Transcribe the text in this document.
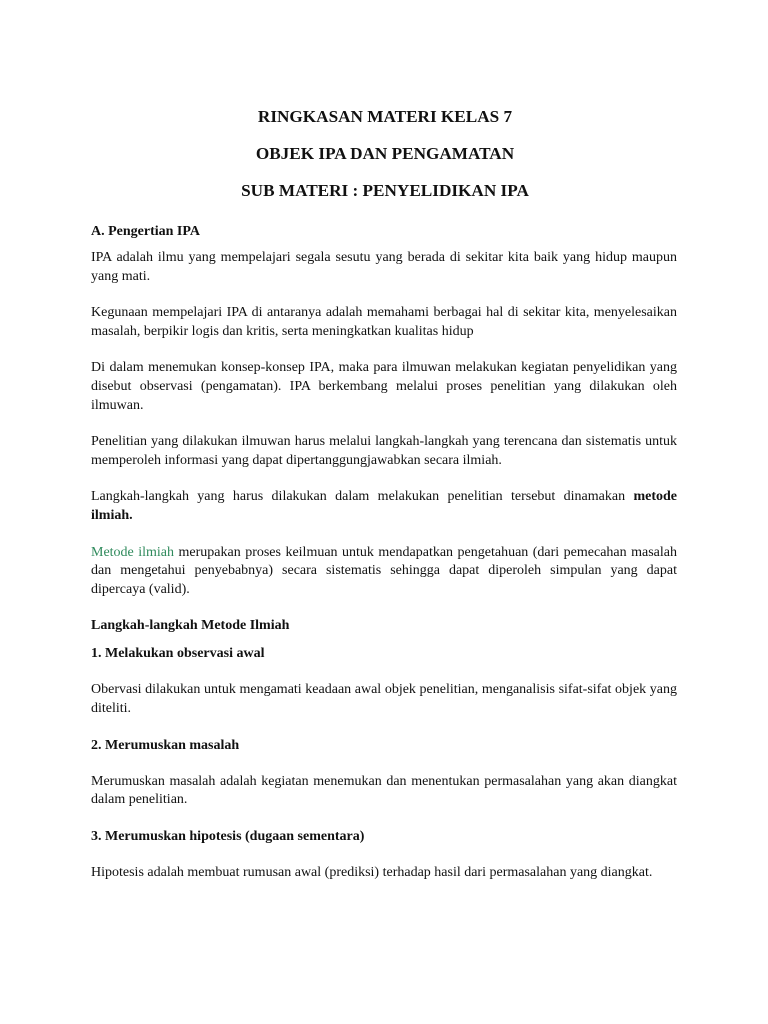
RINGKASAN MATERI KELAS 7

OBJEK IPA DAN PENGAMATAN

SUB MATERI : PENYELIDIKAN IPA

A. Pengertian IPA

IPA adalah ilmu yang mempelajari segala sesutu yang berada di sekitar kita baik yang hidup maupun yang mati.

Kegunaan mempelajari IPA di antaranya adalah memahami berbagai hal di sekitar kita, menyelesaikan masalah, berpikir logis dan kritis, serta meningkatkan kualitas hidup

Di dalam menemukan konsep-konsep IPA, maka para ilmuwan melakukan kegiatan penyelidikan yang disebut observasi (pengamatan). IPA berkembang melalui proses penelitian yang dilakukan oleh ilmuwan.

Penelitian yang dilakukan ilmuwan harus melalui langkah-langkah yang terencana dan sistematis untuk memperoleh informasi yang dapat dipertanggungjawabkan secara ilmiah.

Langkah-langkah yang harus dilakukan dalam melakukan penelitian tersebut dinamakan metode ilmiah.

Metode ilmiah merupakan proses keilmuan untuk mendapatkan pengetahuan (dari pemecahan masalah dan mengetahui penyebabnya) secara sistematis sehingga dapat diperoleh simpulan yang dapat dipercaya (valid).

Langkah-langkah Metode Ilmiah

1. Melakukan observasi awal

Obervasi dilakukan untuk mengamati keadaan awal objek penelitian, menganalisis sifat-sifat objek yang diteliti.

2. Merumuskan masalah

Merumuskan masalah adalah kegiatan menemukan dan menentukan permasalahan yang akan diangkat dalam penelitian.

3. Merumuskan hipotesis (dugaan sementara)

Hipotesis adalah membuat rumusan awal (prediksi) terhadap hasil dari permasalahan yang diangkat.
